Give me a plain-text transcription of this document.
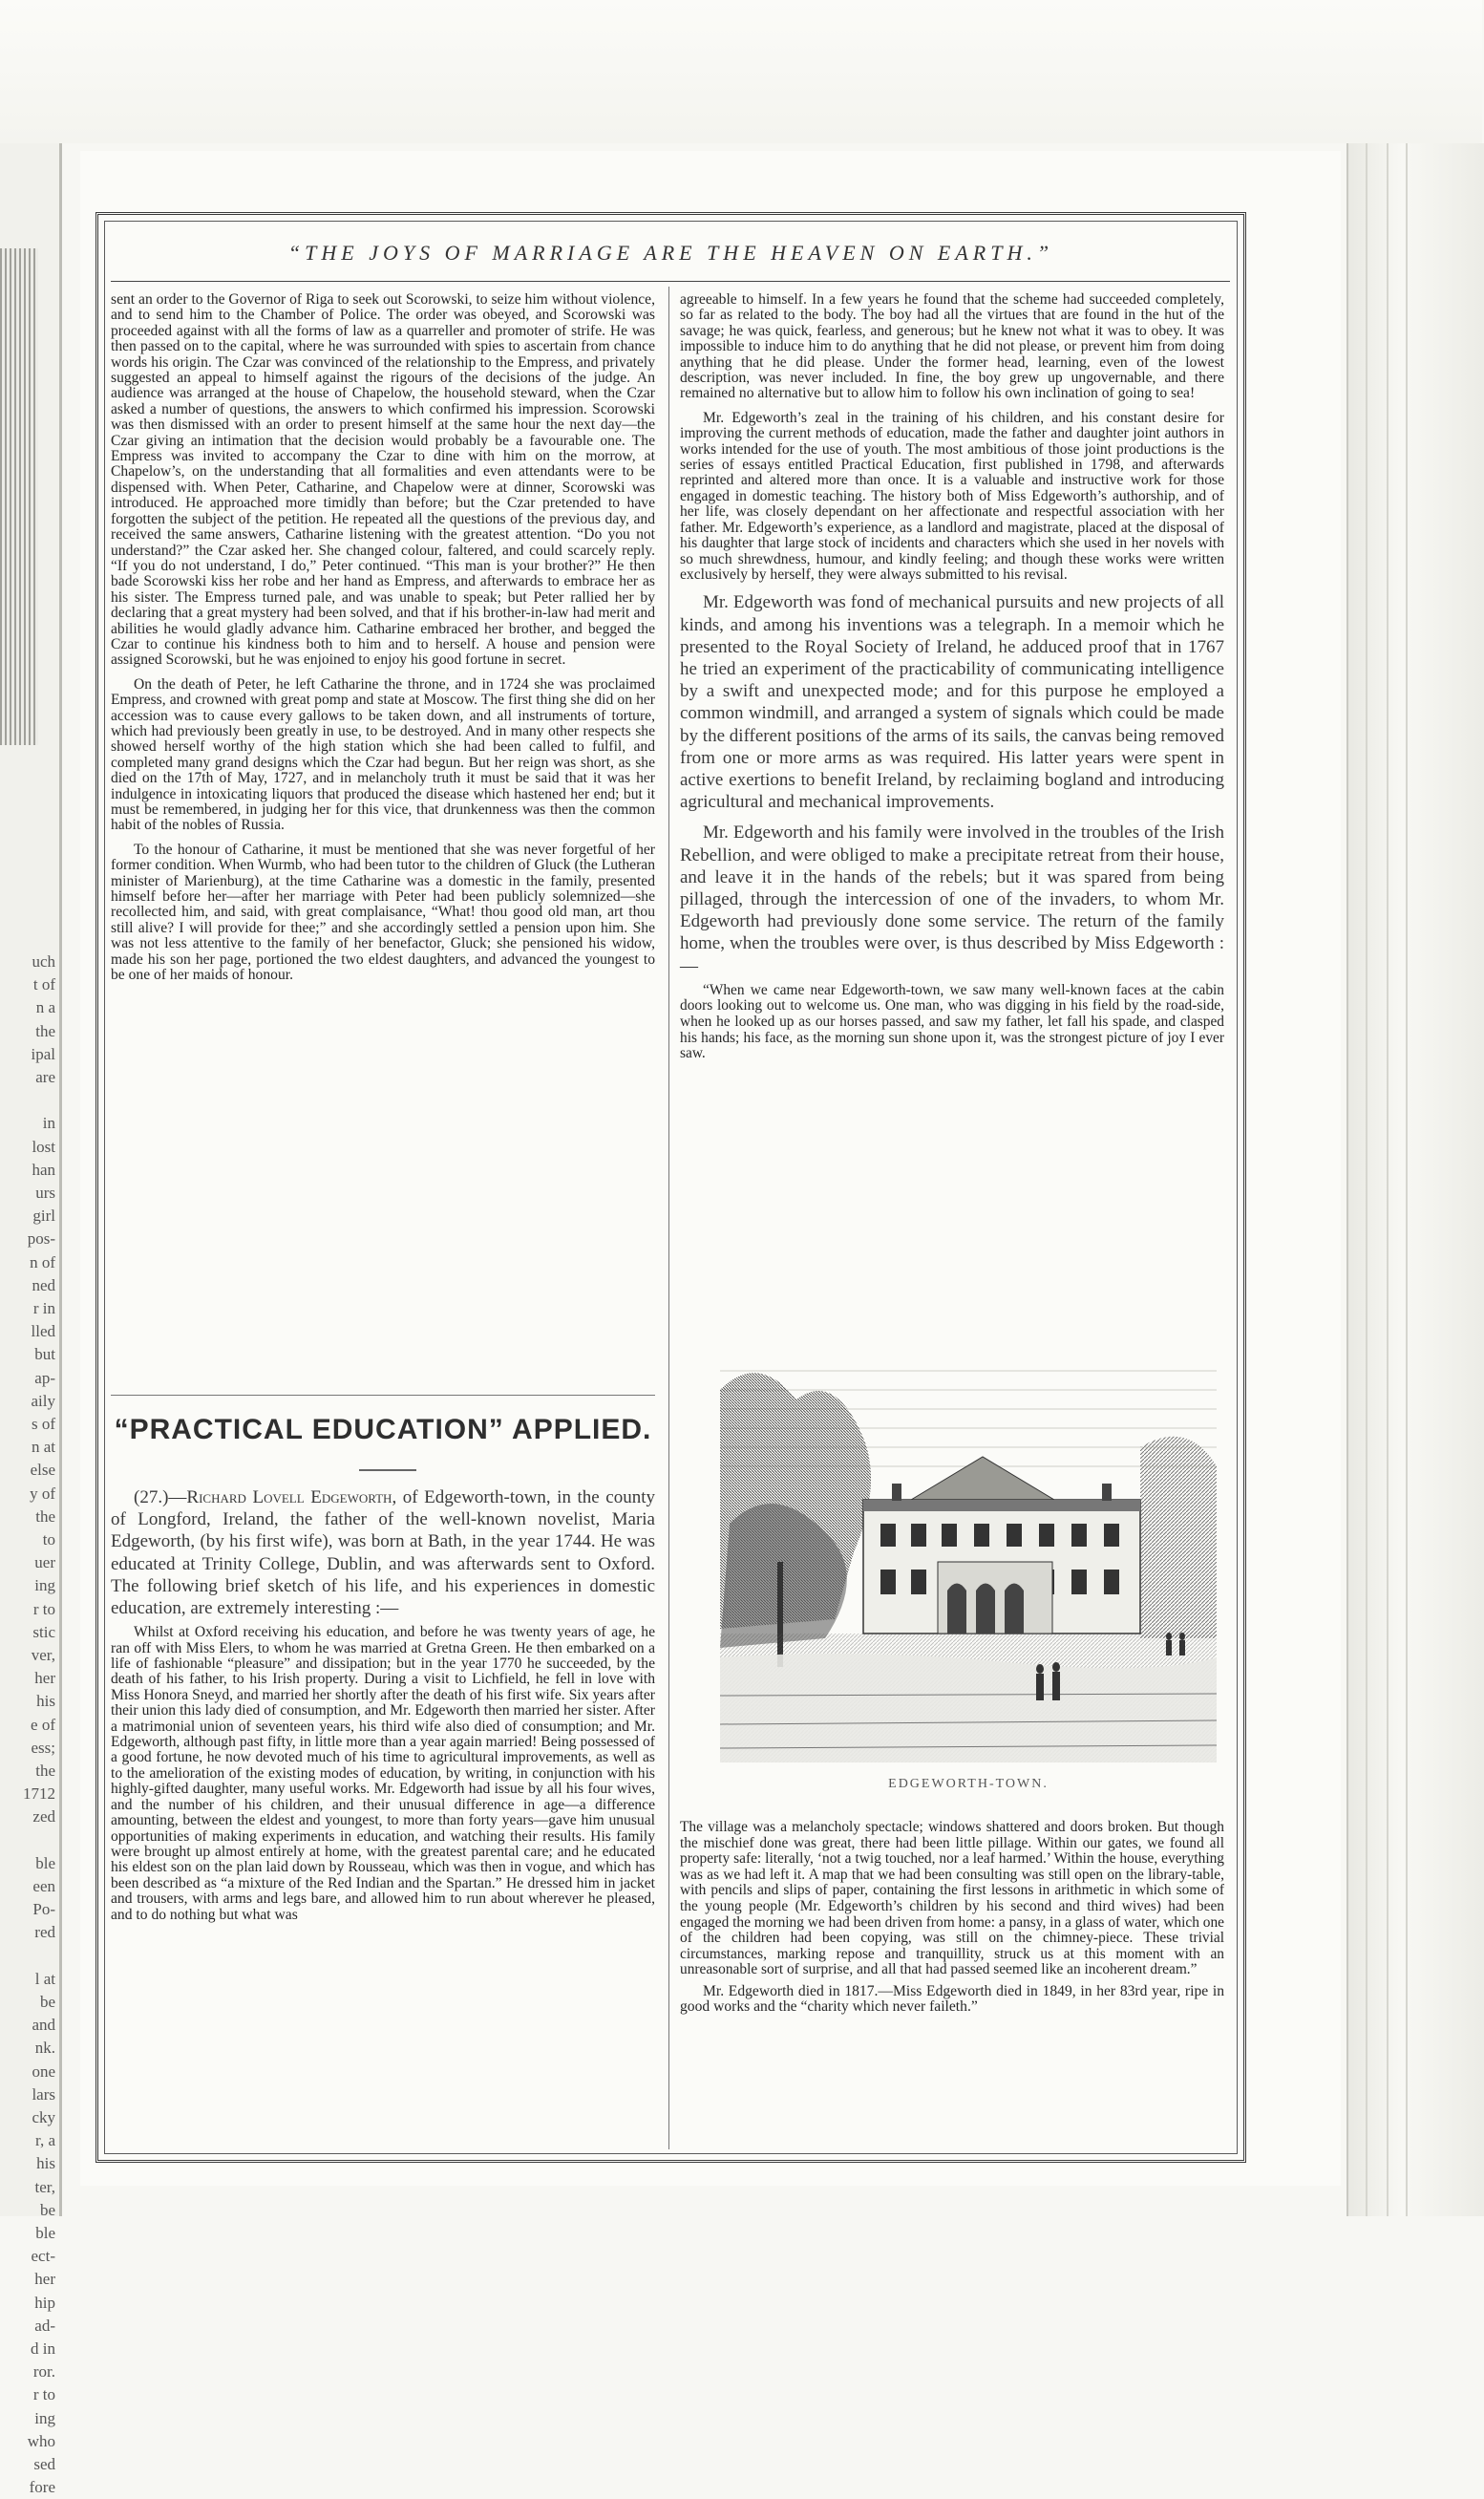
uch
t of
n a
the
ipal
are
in
lost
han
urs
girl
pos-
n of
ned
r in
lled
but
ap-
aily
s of
n at
else
y of
the
to
uer
ing
r to
stic
ver,
her
his
e of
ess;
the
1712
zed
ble
een
Po-
red
l at
be
and
nk.
one
lars
cky
r, a
his
ter,
be
ble
ect-
her
hip
ad-
d in
ror.
r to
ing
who
sed
fore
“THE JOYS OF MARRIAGE ARE THE HEAVEN ON EARTH.”

sent an order to the Governor of Riga to seek out Scorowski, to seize him without violence, and to send him to the Chamber of Police. The order was obeyed, and Scorowski was proceeded against with all the forms of law as a quarreller and promoter of strife. He was then passed on to the capital, where he was surrounded with spies to ascertain from chance words his origin. The Czar was convinced of the relationship to the Empress, and privately suggested an appeal to himself against the rigours of the decisions of the judge. An audience was arranged at the house of Chapelow, the household steward, when the Czar asked a number of questions, the answers to which confirmed his impression. Scorowski was then dismissed with an order to present himself at the same hour the next day—the Czar giving an intimation that the decision would probably be a favourable one. The Empress was invited to accompany the Czar to dine with him on the morrow, at Chapelow’s, on the understanding that all formalities and even attendants were to be dispensed with. When Peter, Catharine, and Chapelow were at dinner, Scorowski was introduced. He approached more timidly than before; but the Czar pretended to have forgotten the subject of the petition. He repeated all the questions of the previous day, and received the same answers, Catharine listening with the greatest attention. “Do you not understand?” the Czar asked her. She changed colour, faltered, and could scarcely reply. “If you do not understand, I do,” Peter continued. “This man is your brother?” He then bade Scorowski kiss her robe and her hand as Empress, and afterwards to embrace her as his sister. The Empress turned pale, and was unable to speak; but Peter rallied her by declaring that a great mystery had been solved, and that if his brother-in-law had merit and abilities he would gladly advance him. Catharine embraced her brother, and begged the Czar to continue his kindness both to him and to herself. A house and pension were assigned Scorowski, but he was enjoined to enjoy his good fortune in secret.

On the death of Peter, he left Catharine the throne, and in 1724 she was proclaimed Empress, and crowned with great pomp and state at Moscow. The first thing she did on her accession was to cause every gallows to be taken down, and all instruments of torture, which had previously been greatly in use, to be destroyed. And in many other respects she showed herself worthy of the high station which she had been called to fulfil, and completed many grand designs which the Czar had begun. But her reign was short, as she died on the 17th of May, 1727, and in melancholy truth it must be said that it was her indulgence in intoxicating liquors that produced the disease which hastened her end; but it must be remembered, in judging her for this vice, that drunkenness was then the common habit of the nobles of Russia.

To the honour of Catharine, it must be mentioned that she was never forgetful of her former condition. When Wurmb, who had been tutor to the children of Gluck (the Lutheran minister of Marienburg), at the time Catharine was a domestic in the family, presented himself before her—after her marriage with Peter had been publicly solemnized—she recollected him, and said, with great complaisance, “What! thou good old man, art thou still alive? I will provide for thee;” and she accordingly settled a pension upon him. She was not less attentive to the family of her benefactor, Gluck; she pensioned his widow, made his son her page, portioned the two eldest daughters, and advanced the youngest to be one of her maids of honour.

“PRACTICAL EDUCATION” APPLIED.

(27.)—Richard Lovell Edgeworth, of Edgeworth-town, in the county of Longford, Ireland, the father of the well-known novelist, Maria Edgeworth, (by his first wife), was born at Bath, in the year 1744. He was educated at Trinity College, Dublin, and was afterwards sent to Oxford. The following brief sketch of his life, and his experiences in domestic education, are extremely interesting :—

Whilst at Oxford receiving his education, and before he was twenty years of age, he ran off with Miss Elers, to whom he was married at Gretna Green. He then embarked on a life of fashionable “pleasure” and dissipation; but in the year 1770 he succeeded, by the death of his father, to his Irish property. During a visit to Lichfield, he fell in love with Miss Honora Sneyd, and married her shortly after the death of his first wife. Six years after their union this lady died of consumption, and Mr. Edgeworth then married her sister. After a matrimonial union of seventeen years, his third wife also died of consumption; and Mr. Edgeworth, although past fifty, in little more than a year again married! Being possessed of a good fortune, he now devoted much of his time to agricultural improvements, as well as to the amelioration of the existing modes of education, by writing, in conjunction with his highly-gifted daughter, many useful works. Mr. Edgeworth had issue by all his four wives, and the number of his children, and their unusual difference in age—a difference amounting, between the eldest and youngest, to more than forty years—gave him unusual opportunities of making experiments in education, and watching their results. His family were brought up almost entirely at home, with the greatest parental care; and he educated his eldest son on the plan laid down by Rousseau, which was then in vogue, and which has been described as “a mixture of the Red Indian and the Spartan.” He dressed him in jacket and trousers, with arms and legs bare, and allowed him to run about wherever he pleased, and to do nothing but what was

agreeable to himself. In a few years he found that the scheme had succeeded completely, so far as related to the body. The boy had all the virtues that are found in the hut of the savage; he was quick, fearless, and generous; but he knew not what it was to obey. It was impossible to induce him to do anything that he did not please, or prevent him from doing anything that he did please. Under the former head, learning, even of the lowest description, was never included. In fine, the boy grew up ungovernable, and there remained no alternative but to allow him to follow his own inclination of going to sea!

Mr. Edgeworth’s zeal in the training of his children, and his constant desire for improving the current methods of education, made the father and daughter joint authors in works intended for the use of youth. The most ambitious of those joint productions is the series of essays entitled Practical Education, first published in 1798, and afterwards reprinted and altered more than once. It is a valuable and instructive work for those engaged in domestic teaching. The history both of Miss Edgeworth’s authorship, and of her life, was closely dependant on her affectionate and respectful association with her father. Mr. Edgeworth’s experience, as a landlord and magistrate, placed at the disposal of his daughter that large stock of incidents and characters which she used in her novels with so much shrewdness, humour, and kindly feeling; and though these works were written exclusively by herself, they were always submitted to his revisal.

Mr. Edgeworth was fond of mechanical pursuits and new projects of all kinds, and among his inventions was a telegraph. In a memoir which he presented to the Royal Society of Ireland, he adduced proof that in 1767 he tried an experiment of the practicability of communicating intelligence by a swift and unexpected mode; and for this purpose he employed a common windmill, and arranged a system of signals which could be made by the different positions of the arms of its sails, the canvas being removed from one or more arms as was required. His latter years were spent in active exertions to benefit Ireland, by reclaiming bogland and introducing agricultural and mechanical improvements.

Mr. Edgeworth and his family were involved in the troubles of the Irish Rebellion, and were obliged to make a precipitate retreat from their house, and leave it in the hands of the rebels; but it was spared from being pillaged, through the intercession of one of the invaders, to whom Mr. Edgeworth had previously done some service. The return of the family home, when the troubles were over, is thus described by Miss Edgeworth :—

“When we came near Edgeworth-town, we saw many well-known faces at the cabin doors looking out to welcome us. One man, who was digging in his field by the road-side, when he looked up as our horses passed, and saw my father, let fall his spade, and clasped his hands; his face, as the morning sun shone upon it, was the strongest picture of joy I ever saw.

EDGEWORTH-TOWN.

The village was a melancholy spectacle; windows shattered and doors broken. But though the mischief done was great, there had been little pillage. Within our gates, we found all property safe: literally, ‘not a twig touched, nor a leaf harmed.’ Within the house, everything was as we had left it. A map that we had been consulting was still open on the library-table, with pencils and slips of paper, containing the first lessons in arithmetic in which some of the young people (Mr. Edgeworth’s children by his second and third wives) had been engaged the morning we had been driven from home: a pansy, in a glass of water, which one of the children had been copying, was still on the chimney-piece. These trivial circumstances, marking repose and tranquillity, struck us at this moment with an unreasonable sort of surprise, and all that had passed seemed like an incoherent dream.”

Mr. Edgeworth died in 1817.—Miss Edgeworth died in 1849, in her 83rd year, ripe in good works and the “charity which never faileth.”
